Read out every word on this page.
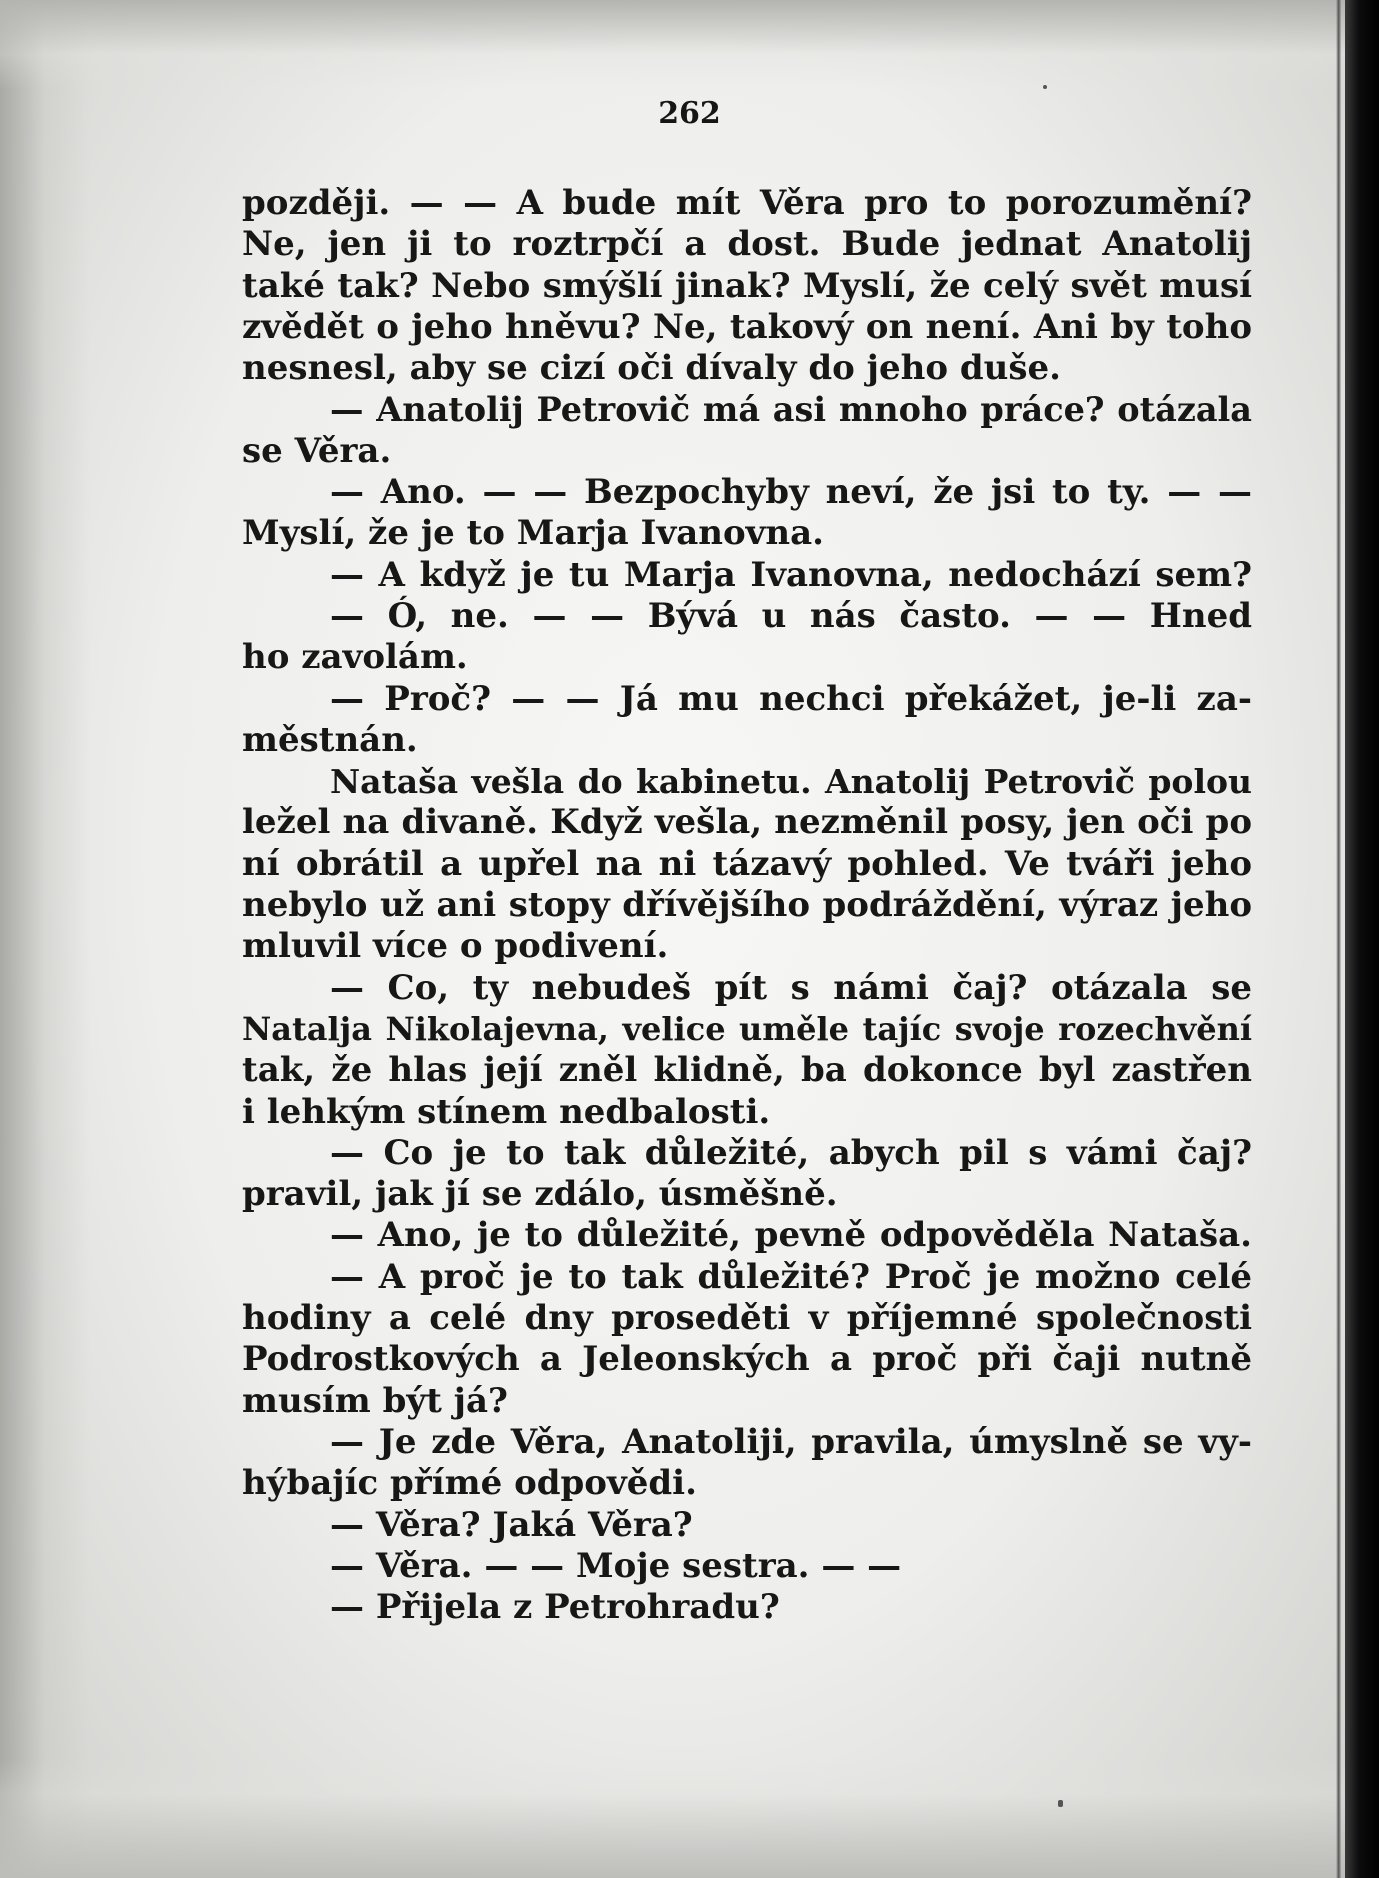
262
později. — — A bude mít Věra pro to porozumění?
Ne, jen ji to roztrpčí a dost. Bude jednat Anatolij
také tak? Nebo smýšlí jinak? Myslí, že celý svět musí
zvědět o jeho hněvu? Ne, takový on není. Ani by toho
nesnesl, aby se cizí oči dívaly do jeho duše.
— Anatolij Petrovič má asi mnoho práce? otázala
se Věra.
— Ano. — — Bezpochyby neví, že jsi to ty. — —
Myslí, že je to Marja Ivanovna.
— A když je tu Marja Ivanovna, nedochází sem?
— Ó, ne. — — Bývá u nás často. — — Hned
ho zavolám.
— Proč? — — Já mu nechci překážet, je-li za-
městnán.
Nataša vešla do kabinetu. Anatolij Petrovič polou
ležel na divaně. Když vešla, nezměnil posy, jen oči po
ní obrátil a upřel na ni tázavý pohled. Ve tváři jeho
nebylo už ani stopy dřívějšího podráždění, výraz jeho
mluvil více o podivení.
— Co, ty nebudeš pít s námi čaj? otázala se
Natalja Nikolajevna, velice uměle tajíc svoje rozechvění
tak, že hlas její zněl klidně, ba dokonce byl zastřen
i lehkým stínem nedbalosti.
— Co je to tak důležité, abych pil s vámi čaj?
pravil, jak jí se zdálo, úsměšně.
— Ano, je to důležité, pevně odpověděla Nataša.
— A proč je to tak důležité? Proč je možno celé
hodiny a celé dny proseděti v příjemné společnosti
Podrostkových a Jeleonských a proč při čaji nutně
musím být já?
— Je zde Věra, Anatoliji, pravila, úmyslně se vy-
hýbajíc přímé odpovědi.
— Věra? Jaká Věra?
— Věra. — — Moje sestra. — —
— Přijela z Petrohradu?
